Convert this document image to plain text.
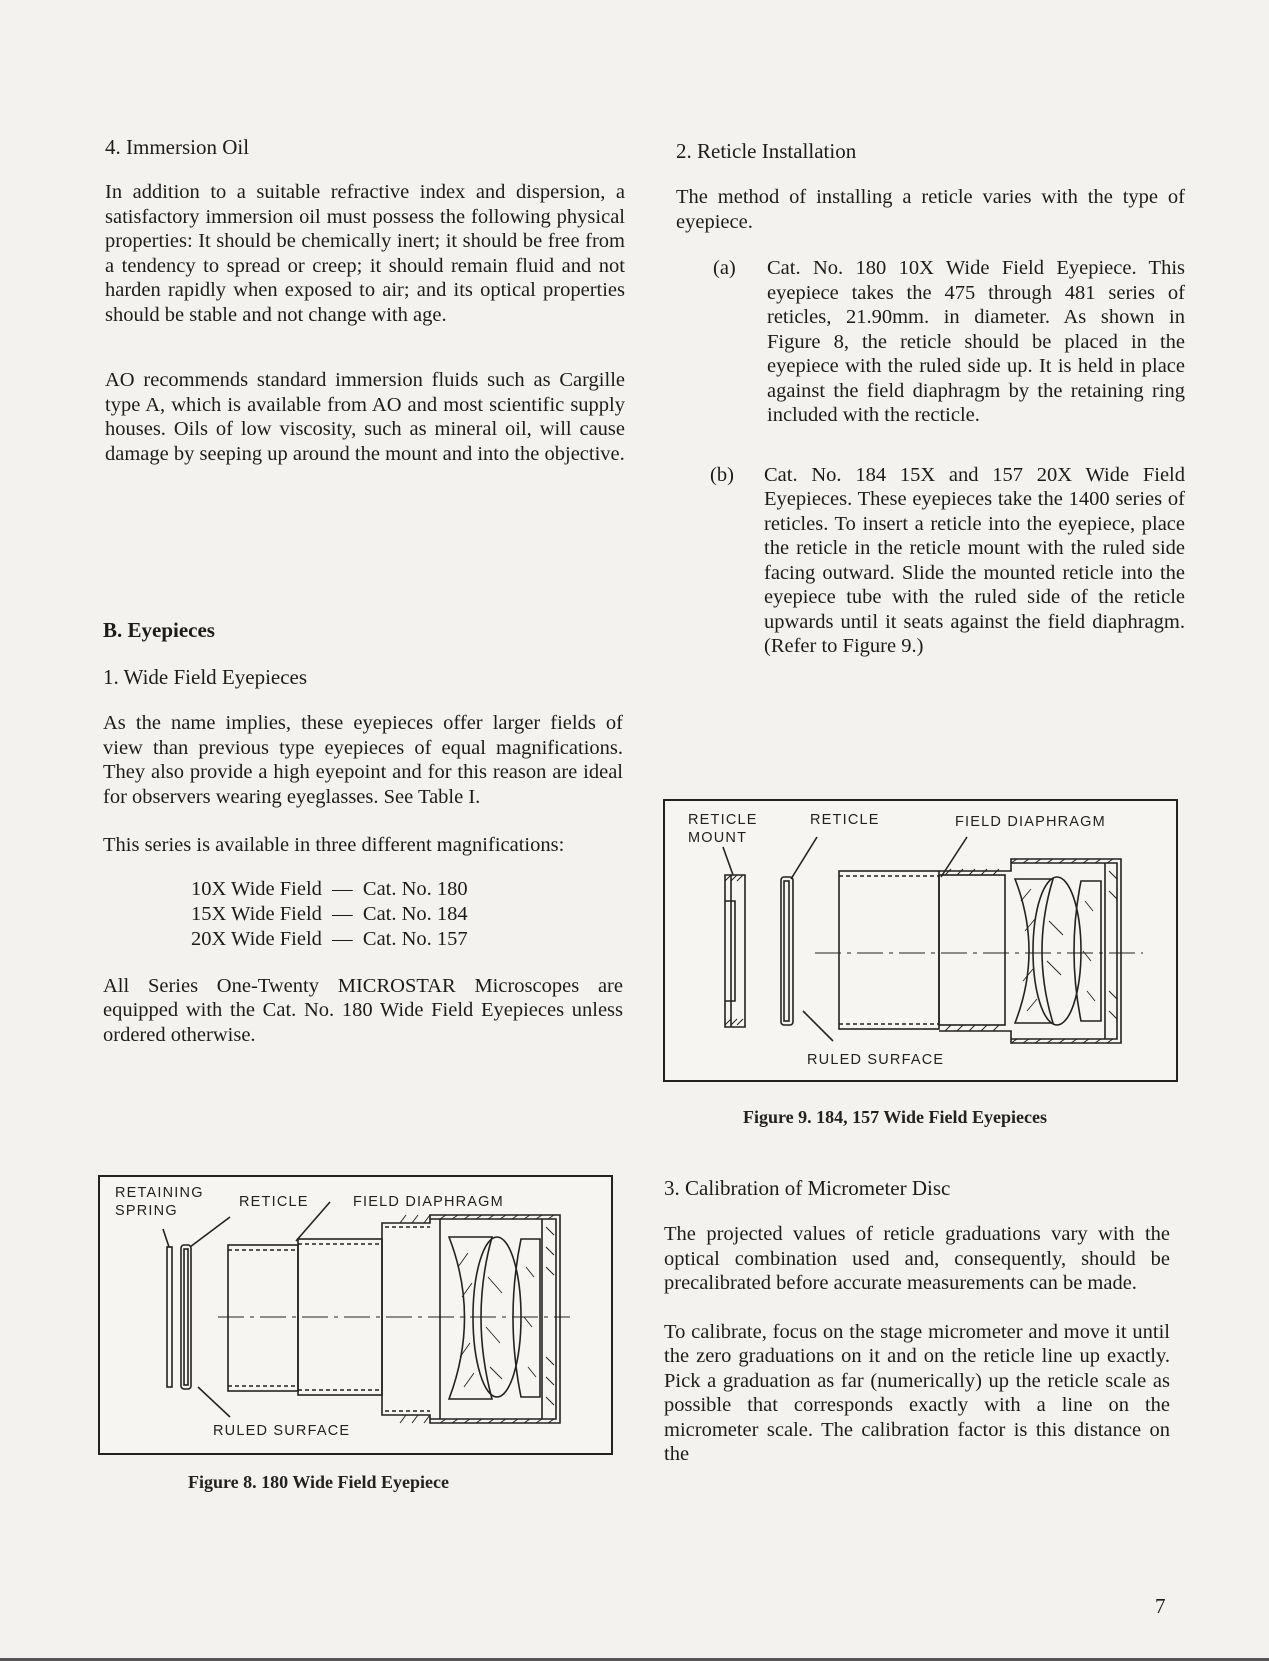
4. Immersion Oil

In addition to a suitable refractive index and dispersion, a satisfactory immersion oil must possess the following physical properties: It should be chemically inert; it should be free from a tendency to spread or creep; it should remain fluid and not harden rapidly when exposed to air; and its optical properties should be stable and not change with age.

AO recommends standard immersion fluids such as Cargille type A, which is available from AO and most scientific supply houses. Oils of low viscosity, such as mineral oil, will cause damage by seeping up around the mount and into the objective.

B. Eyepieces
1. Wide Field Eyepieces

As the name implies, these eyepieces offer larger fields of view than previous type eyepieces of equal magnifications. They also provide a high eyepoint and for this reason are ideal for observers wearing eyeglasses. See Table I.

This series is available in three different magnifications:

10X Wide Field  —  Cat. No. 180
15X Wide Field  —  Cat. No. 184
20X Wide Field  —  Cat. No. 157

All Series One-Twenty MICROSTAR Microscopes are equipped with the Cat. No. 180 Wide Field Eyepieces unless ordered otherwise.

RETAINING
SPRING
RETICLE	FIELD DIAPHRAGM
RULED SURFACE
Figure 8. 180 Wide Field Eyepiece
2. Reticle Installation

The method of installing a reticle varies with the type of eyepiece.

(a)	Cat. No. 180 10X Wide Field Eyepiece. This eyepiece takes the 475 through 481 series of reticles, 21.90mm. in diameter. As shown in Figure 8, the reticle should be placed in the eyepiece with the ruled side up. It is held in place against the field diaphragm by the retaining ring included with the recticle.
(b)	Cat. No. 184 15X and 157 20X Wide Field Eyepieces. These eyepieces take the 1400 series of reticles. To insert a reticle into the eyepiece, place the reticle in the reticle mount with the ruled side facing outward. Slide the mounted reticle into the eyepiece tube with the ruled side of the reticle upwards until it seats against the field diaphragm. (Refer to Figure 9.)
RETICLE
MOUNT
RETICLE	FIELD DIAPHRAGM
RULED SURFACE
Figure 9. 184, 157 Wide Field Eyepieces
3. Calibration of Micrometer Disc

The projected values of reticle graduations vary with the optical combination used and, consequently, should be precalibrated before accurate measurements can be made.

To calibrate, focus on the stage micrometer and move it until the zero graduations on it and on the reticle line up exactly. Pick a graduation as far (numerically) up the reticle scale as possible that corresponds exactly with a line on the micrometer scale. The calibration factor is this distance on the

7
